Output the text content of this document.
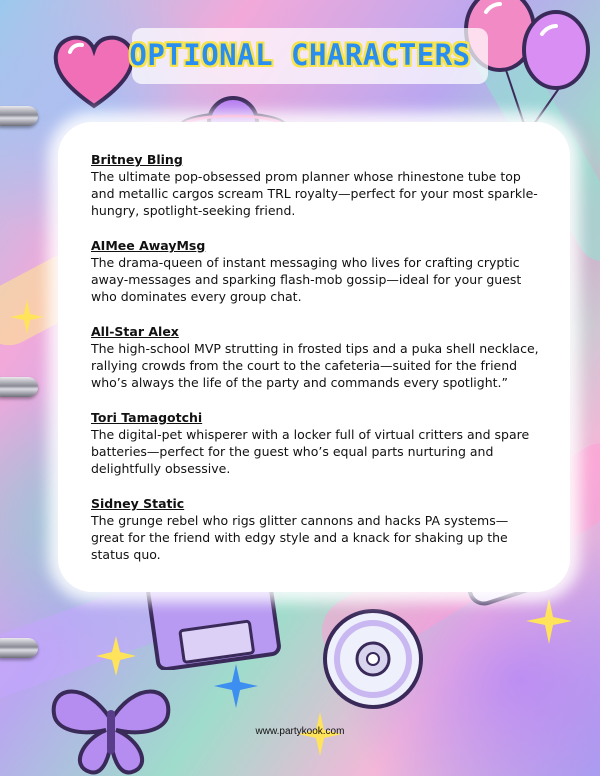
OPTIONAL CHARACTERS
Britney Bling

The ultimate pop-obsessed prom planner whose rhinestone tube top and metallic cargos scream TRL royalty—perfect for your most sparkle-hungry, spotlight-seeking friend.

AIMee AwayMsg

The drama-queen of instant messaging who lives for crafting cryptic away-messages and sparking flash-mob gossip—ideal for your guest who dominates every group chat.

All-Star Alex

The high-school MVP strutting in frosted tips and a puka shell necklace, rallying crowds from the court to the cafeteria—suited for the friend who’s always the life of the party and commands every spotlight.”

Tori Tamagotchi

The digital-pet whisperer with a locker full of virtual critters and spare batteries—perfect for the guest who’s equal parts nurturing and delightfully obsessive.

Sidney Static

The grunge rebel who rigs glitter cannons and hacks PA systems—great for the friend with edgy style and a knack for shaking up the status quo.

www.partykook.com
